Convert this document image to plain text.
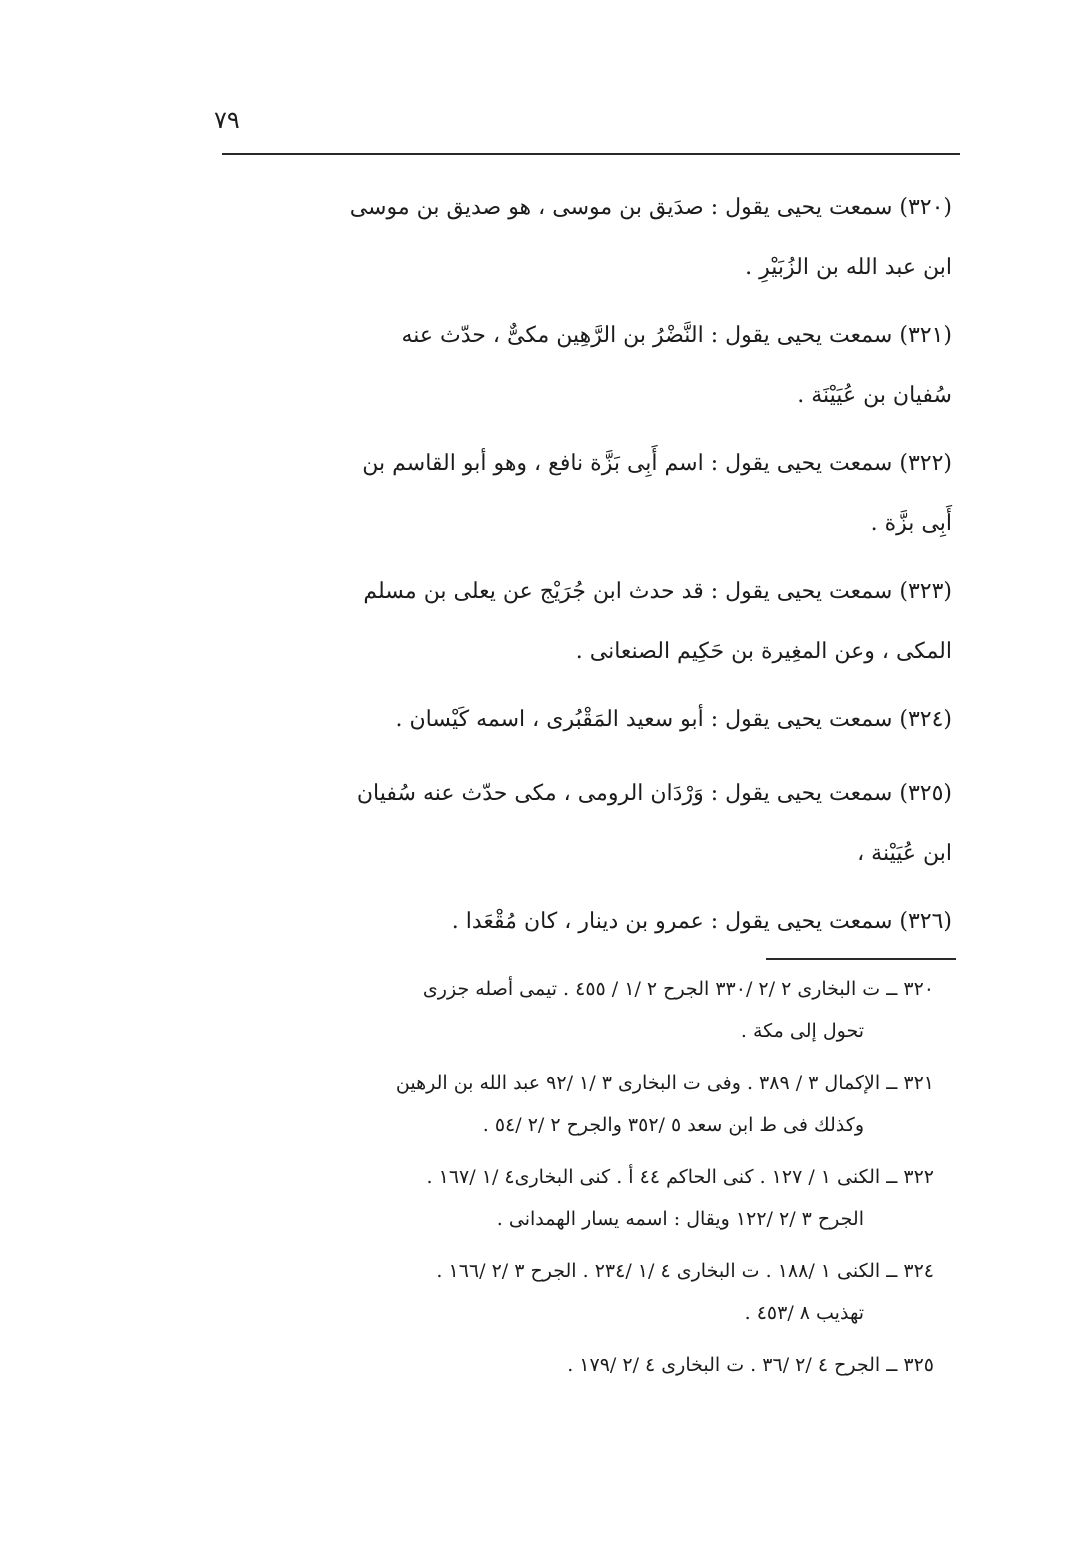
٧٩

(٣٢٠) سمعت يحيى يقول : صدَيق بن موسى ، هو صديق بن موسى
ابن عبد الله بن الزُبَيْرِ .

(٣٢١) سمعت يحيى يقول : النَّضْرُ بن الرَّهِين مكىٌّ ، حدّث عنه
سُفيان بن عُيَيْنَة .

(٣٢٢) سمعت يحيى يقول : اسم أَبِى بَزَّة نافع ، وهو أبو القاسم بن
أَبِى بزَّة .

(٣٢٣) سمعت يحيى يقول : قد حدث ابن جُرَيْج عن يعلى بن مسلم
المكى ، وعن المغِيرة بن حَكِيم الصنعانى .

(٣٢٤) سمعت يحيى يقول : أبو سعيد المَقْبُرى ، اسمه كَيْسان .

(٣٢٥) سمعت يحيى يقول : وَرْدَان الرومى ، مكى حدّث عنه سُفيان
ابن عُيَيْنة ،

(٣٢٦) سمعت يحيى يقول : عمرو بن دينار ، كان مُقْعَدا .

٣٢٠ ــ ت البخارى ٢ /٢ /٣٣٠ الجرح ٢ /١ / ٤٥٥ . تيمى أصله جزرى
تحول إلى مكة .

٣٢١ ــ الإكمال ٣ / ٣٨٩ . وفى ت البخارى ٣ /١ /٩٢ عبد الله بن الرهين
وكذلك فى ط ابن سعد ٥ /٣٥٢ والجرح ٢ /٢ /٥٤ .

٣٢٢ ــ الكنى ١ / ١٢٧ . كنى الحاكم ٤٤ أ . كنى البخارى٤ /١ /١٦٧ .
الجرح ٣ /٢ /١٢٢ ويقال : اسمه يسار الهمدانى .

٣٢٤ ــ الكنى ١ /١٨٨ . ت البخارى ٤ /١ /٢٣٤ . الجرح ٣ /٢ /١٦٦ .
تهذيب ٨ /٤٥٣ .

٣٢٥ ــ الجرح ٤ /٢ /٣٦ . ت البخارى ٤ /٢ /١٧٩ .
